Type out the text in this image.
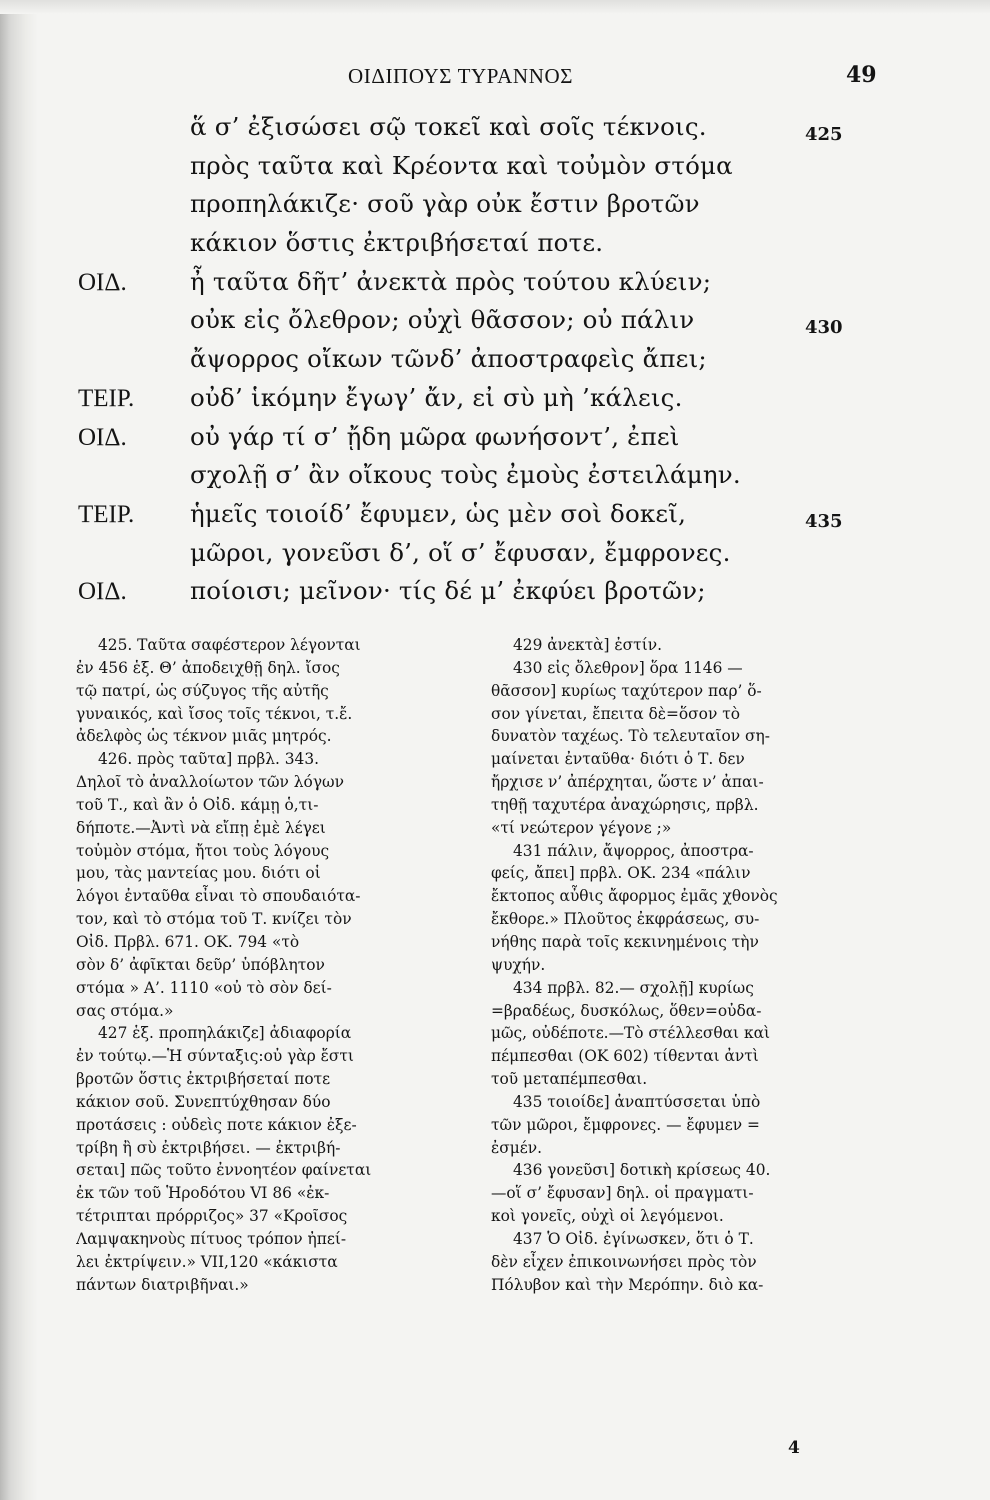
ΟΙΔΙΠΟΥΣ ΤΥΡΑΝΝΟΣ	49
ἅ σ’ ἐξισώσει σῷ τοκεῖ καὶ σοῖς τέκνοις.	425
πρὸς ταῦτα καὶ Κρέοντα καὶ τοὐμὸν στόμα
προπηλάκιζε· σοῦ γὰρ οὐκ ἔστιν βροτῶν
κάκιον ὅστις ἐκτριβήσεταί ποτε.
ΟΙΔ.	ἦ ταῦτα δῆτ’ ἀνεκτὰ πρὸς τούτου κλύειν;
οὐκ εἰς ὄλεθρον; οὐχὶ θᾶσσον; οὐ πάλιν	430
ἄψορρος οἴκων τῶνδ’ ἀποστραφεὶς ἄπει;
ΤΕΙΡ. οὐδ’ ἱκόμην ἔγωγ’ ἄν, εἰ σὺ μὴ ’κάλεις.
ΟΙΔ.	οὐ γάρ τί σ’ ᾔδη μῶρα φωνήσοντ’, ἐπεὶ
σχολῇ σ’ ἂν οἴκους τοὺς ἐμοὺς ἐστειλάμην.
ΤΕΙΡ. ἡμεῖς τοιοίδ’ ἔφυμεν, ὡς μὲν σοὶ δοκεῖ,	435
μῶροι, γονεῦσι δ’, οἵ σ’ ἔφυσαν, ἔμφρονες.
ΟΙΔ.	ποίοισι; μεῖνον· τίς δέ μ’ ἐκφύει βροτῶν;
425. Ταῦτα σαφέστερον λέγονται
ἐν 456 ἑξ. Θ’ ἀποδειχθῇ δηλ. ἴσος
τῷ πατρί, ὡς σύζυγος τῆς αὐτῆς
γυναικός, καὶ ἴσος τοῖς τέκνοι, τ.ἔ.
ἀδελφὸς ὡς τέκνον μιᾶς μητρός.
426. πρὸς ταῦτα] πρβλ. 343.
Δηλοῖ τὸ ἀναλλοίωτον τῶν λόγων
τοῦ Τ., καὶ ἂν ὁ Οἰδ. κάμῃ ὁ,τι-
δήποτε.—Ἀντὶ νὰ εἴπῃ ἐμὲ λέγει
τοὐμὸν στόμα, ἤτοι τοὺς λόγους
μου, τὰς μαντείας μου. διότι οἱ
λόγοι ἐνταῦθα εἶναι τὸ σπουδαιότα-
τον, καὶ τὸ στόμα τοῦ Τ. κνίζει τὸν
Οἰδ. Πρβλ. 671. ΟΚ. 794 «τὸ
σὸν δ’ ἀφῖκται δεῦρ’ ὑπόβλητον
στόμα » Α’. 1110 «οὐ τὸ σὸν δεί-
σας στόμα.»
427 ἑξ. προπηλάκιζε] ἀδιαφορία
ἐν τούτῳ.—Ἡ σύνταξις:οὐ γὰρ ἔστι
βροτῶν ὅστις ἐκτριβήσεταί ποτε
κάκιον σοῦ. Συνεπτύχθησαν δύο
προτάσεις : οὐδεὶς ποτε κάκιον ἐξε-
τρίβη ἢ σὺ ἐκτριβήσει. — ἐκτριβή-
σεται] πῶς τοῦτο ἐννοητέον φαίνεται
ἐκ τῶν τοῦ Ἡροδότου VI 86 «ἐκ-
τέτριπται πρόρριζος» 37 «Κροῖσος
Λαμψακηνοὺς πίτυος τρόπον ἠπεί-
λει ἐκτρίψειν.» VII,120 «κάκιστα
πάντων διατριβῆναι.»
429 ἀνεκτὰ] ἐστίν.
430 εἰς ὄλεθρον] ὅρα 1146 —
θᾶσσον] κυρίως ταχύτερον παρ’ ὅ-
σον γίνεται, ἔπειτα δὲ=ὅσον τὸ
δυνατὸν ταχέως. Τὸ τελευταῖον ση-
μαίνεται ἐνταῦθα· διότι ὁ Τ. δεν
ἤρχισε ν’ ἀπέρχηται, ὥστε ν’ ἀπαι-
τηθῇ ταχυτέρα ἀναχώρησις, πρβλ.
«τί νεώτερον γέγονε ;»
431 πάλιν, ἄψορρος, ἀποστρα-
φείς, ἄπει] πρβλ. ΟΚ. 234 «πάλιν
ἔκτοπος αὖθις ἄφορμος ἐμᾶς χθονὸς
ἔκθορε.» Πλοῦτος ἐκφράσεως, συ-
νήθης παρὰ τοῖς κεκινημένοις τὴν
ψυχήν.
434 πρβλ. 82.— σχολῇ] κυρίως
=βραδέως, δυσκόλως, ὅθεν=οὐδα-
μῶς, οὐδέποτε.—Τὸ στέλλεσθαι καὶ
πέμπεσθαι (ΟΚ 602) τίθενται ἀντὶ
τοῦ μεταπέμπεσθαι.
435 τοιοίδε] ἀναπτύσσεται ὑπὸ
τῶν μῶροι, ἔμφρονες. — ἔφυμεν =
ἐσμέν.
436 γονεῦσι] δοτικὴ κρίσεως 40.
—οἵ σ’ ἔφυσαν] δηλ. οἱ πραγματι-
κοὶ γονεῖς, οὐχὶ οἱ λεγόμενοι.
437 Ὁ Οἰδ. ἐγίνωσκεν, ὅτι ὁ Τ.
δὲν εἶχεν ἐπικοινωνήσει πρὸς τὸν
Πόλυβον καὶ τὴν Μερόπην. διὸ κα-
4
